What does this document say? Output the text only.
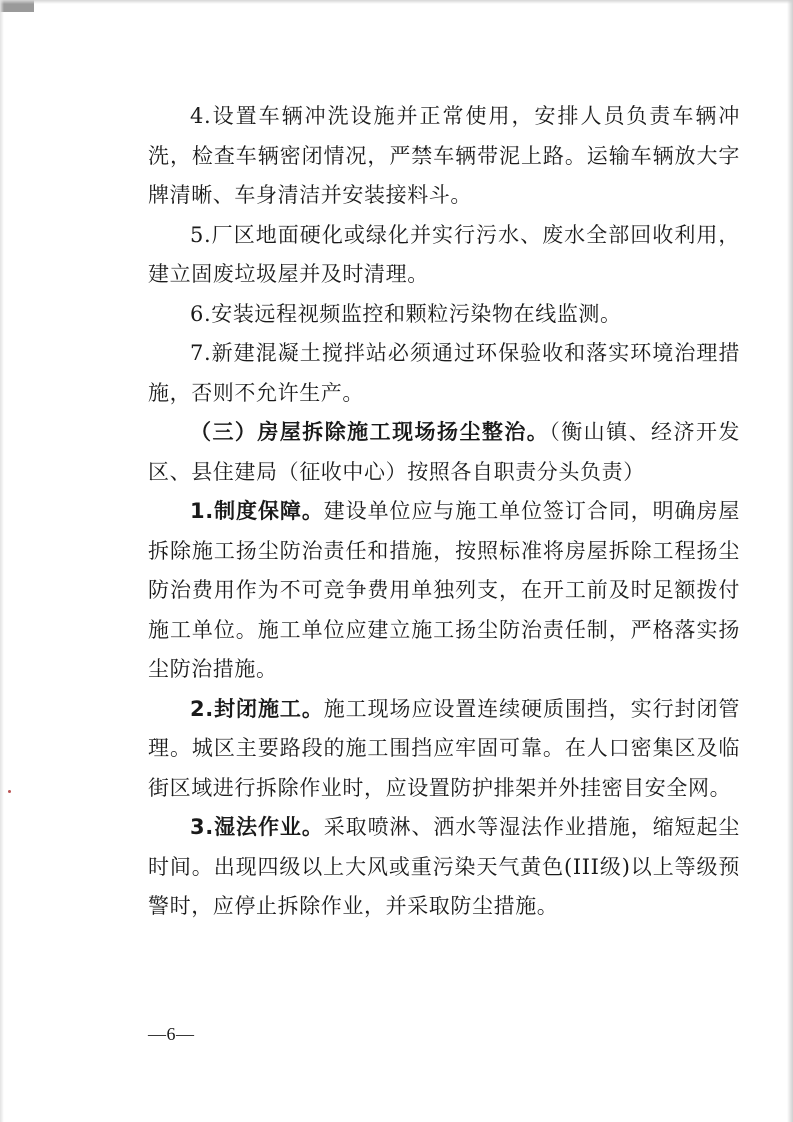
4.设置车辆冲洗设施并正常使用，安排人员负责车辆冲洗，检查车辆密闭情况，严禁车辆带泥上路。运输车辆放大字牌清晰、车身清洁并安装接料斗。

5.厂区地面硬化或绿化并实行污水、废水全部回收利用，建立固废垃圾屋并及时清理。

6.安装远程视频监控和颗粒污染物在线监测。

7.新建混凝土搅拌站必须通过环保验收和落实环境治理措施，否则不允许生产。

（三）房屋拆除施工现场扬尘整治。（衡山镇、经济开发区、县住建局（征收中心）按照各自职责分头负责）

1.制度保障。建设单位应与施工单位签订合同，明确房屋拆除施工扬尘防治责任和措施，按照标准将房屋拆除工程扬尘防治费用作为不可竞争费用单独列支，在开工前及时足额拨付施工单位。施工单位应建立施工扬尘防治责任制，严格落实扬尘防治措施。

2.封闭施工。施工现场应设置连续硬质围挡，实行封闭管理。城区主要路段的施工围挡应牢固可靠。在人口密集区及临街区域进行拆除作业时，应设置防护排架并外挂密目安全网。

3.湿法作业。采取喷淋、洒水等湿法作业措施，缩短起尘时间。出现四级以上大风或重污染天气黄色(III级)以上等级预警时，应停止拆除作业，并采取防尘措施。

—6—
